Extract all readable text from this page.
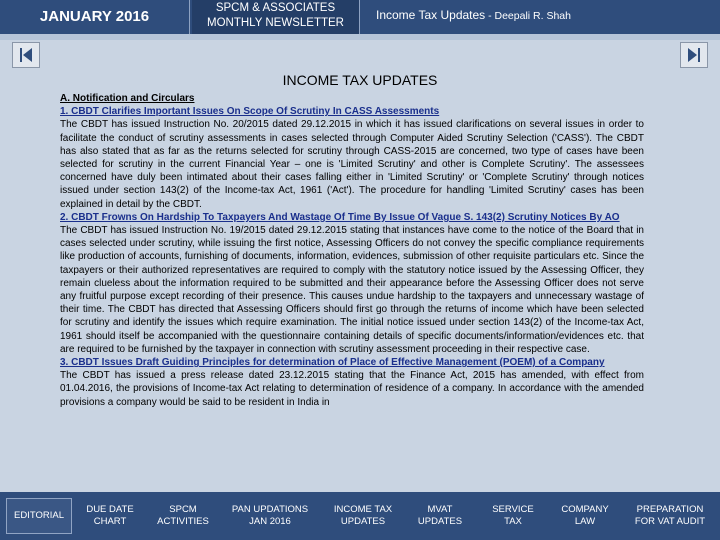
JANUARY 2016	SPCM & ASSOCIATES
MONTHLY NEWSLETTER
Income Tax Updates - Deepali R. Shah
INCOME TAX UPDATES

A. Notification and Circulars

1. CBDT Clarifies Important Issues On Scope Of Scrutiny In CASS Assessments

The CBDT has issued Instruction No. 20/2015 dated 29.12.2015 in which it has issued clarifications on several issues in order to facilitate the conduct of scrutiny assessments in cases selected through Computer Aided Scrutiny Selection ('CASS'). The CBDT has also stated that as far as the returns selected for scrutiny through CASS-2015 are concerned, two type of cases have been selected for scrutiny in the current Financial Year – one is 'Limited Scrutiny' and other is Complete Scrutiny'. The assessees concerned have duly been intimated about their cases falling either in 'Limited Scrutiny' or 'Complete Scrutiny' through notices issued under section 143(2) of the Income-tax Act, 1961 ('Act'). The procedure for handling 'Limited Scrutiny' cases has been explained in detail by the CBDT.

2. CBDT Frowns On Hardship To Taxpayers And Wastage Of Time By Issue Of Vague S. 143(2) Scrutiny Notices By AO

The CBDT has issued Instruction No. 19/2015 dated 29.12.2015 stating that instances have come to the notice of the Board that in cases selected under scrutiny, while issuing the first notice, Assessing Officers do not convey the specific compliance requirements like production of accounts, furnishing of documents, information, evidences, submission of other requisite particulars etc. Since the taxpayers or their authorized representatives are required to comply with the statutory notice issued by the Assessing Officer, they remain clueless about the information required to be submitted and their appearance before the Assessing Officer does not serve any fruitful purpose except recording of their presence. This causes undue hardship to the taxpayers and unnecessary wastage of their time. The CBDT has directed that Assessing Officers should first go through the returns of income which have been selected for scrutiny and identify the issues which require examination. The initial notice issued under section 143(2) of the Income-tax Act, 1961 should itself be accompanied with the questionnaire containing details of specific documents/information/evidences etc. that are required to be furnished by the taxpayer in connection with scrutiny assessment proceeding in their respective case.

3. CBDT Issues Draft Guiding Principles for determination of Place of Effective Management (POEM) of a Company

The CBDT has issued a press release dated 23.12.2015 stating that the Finance Act, 2015 has amended, with effect from 01.04.2016, the provisions of Income-tax Act relating to determination of residence of a company. In accordance with the amended provisions a company would be said to be resident in India in

EDITORIAL
DUE DATE
CHART
SPCM
ACTIVITIES
PAN UPDATIONS
JAN 2016
INCOME TAX
UPDATES
MVAT
UPDATES
SERVICE
TAX
COMPANY
LAW
PREPARATION
FOR VAT AUDIT
